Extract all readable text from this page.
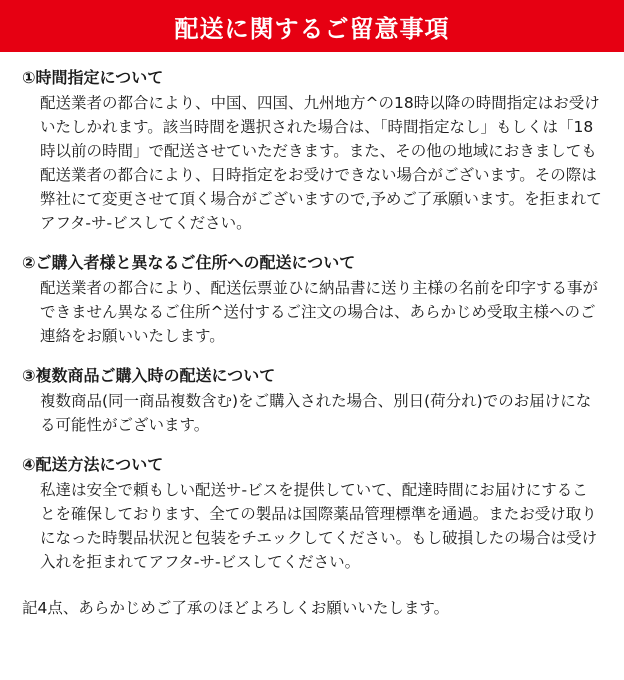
配送に関するご留意事項

①時間指定について

配送業者の都合により、中国、四国、九州地方^の18時以降の時間指定はお受けいたしかれます。該当時間を選択された場合は、「時間指定なし」もしくは「18時以前の時間」で配送させていただきます。また、その他の地域におきましても配送業者の都合により、日時指定をお受けできない場合がございます。その際は弊社にて変更させて頂く場合がございますので,予めご了承願います。を拒まれてアフタ-サ-ビスしてください。

②ご購入者様と異なるご住所への配送について

配送業者の都合により、配送伝票並ひに納品書に送り主様の名前を印字する事ができません異なるご住所^送付するご注文の場合は、あらかじめ受取主様へのご連絡をお願いいたします。

③複数商品ご購入時の配送について

複数商品(同一商品複数含む)をご購入された場合、別日(荷分れ)でのお届けになる可能性がございます。

④配送方法について

私達は安全で頼もしい配送サ-ビスを提供していて、配達時間にお届けにすることを確保しております、全ての製品は国際薬品管理標準を通過。またお受け取りになった時製品状況と包装をチエックしてください。もし破損したの場合は受け入れを拒まれてアフタ-サ-ビスしてください。

記4点、あらかじめご了承のほどよろしくお願いいたします。
